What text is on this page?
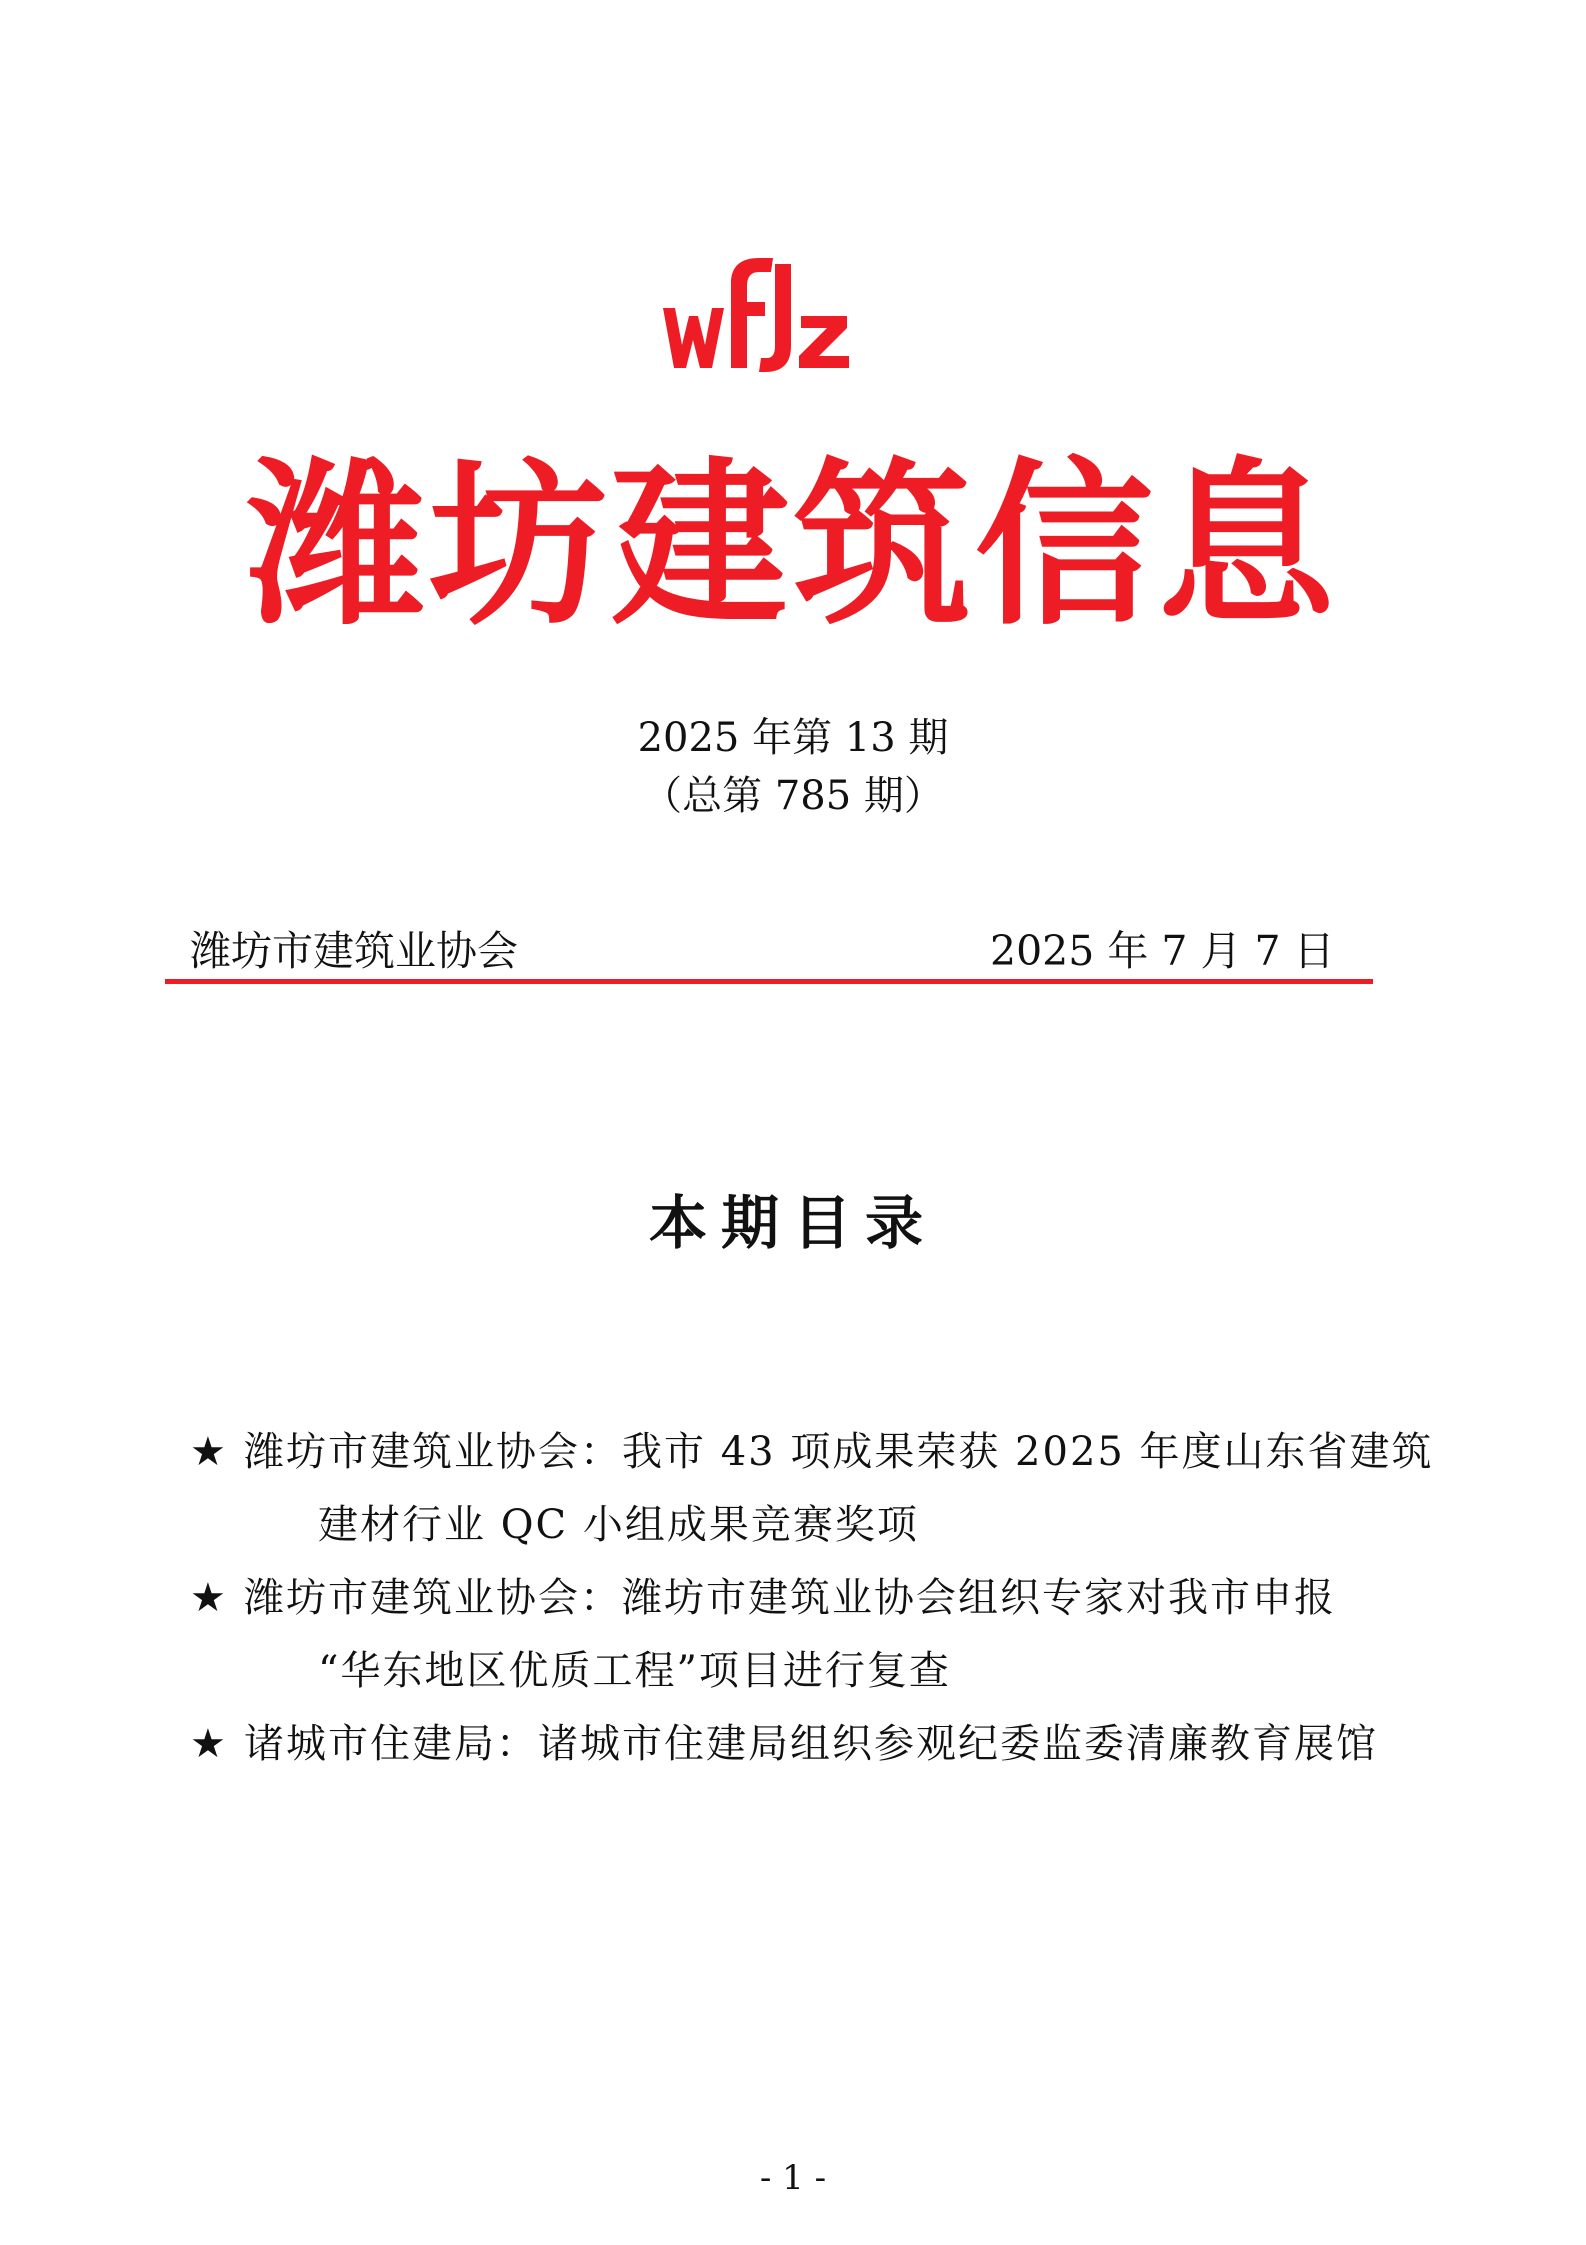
潍坊建筑信息
2025 年第 13 期
（总第 785 期）
潍坊市建筑业协会	2025 年 7 月 7 日
本期目录
★ 潍坊市建筑业协会：我市 43 项成果荣获 2025 年度山东省建筑
建材行业 QC 小组成果竞赛奖项
★ 潍坊市建筑业协会：潍坊市建筑业协会组织专家对我市申报
“华东地区优质工程”项目进行复查
★ 诸城市住建局：诸城市住建局组织参观纪委监委清廉教育展馆
- 1 -
